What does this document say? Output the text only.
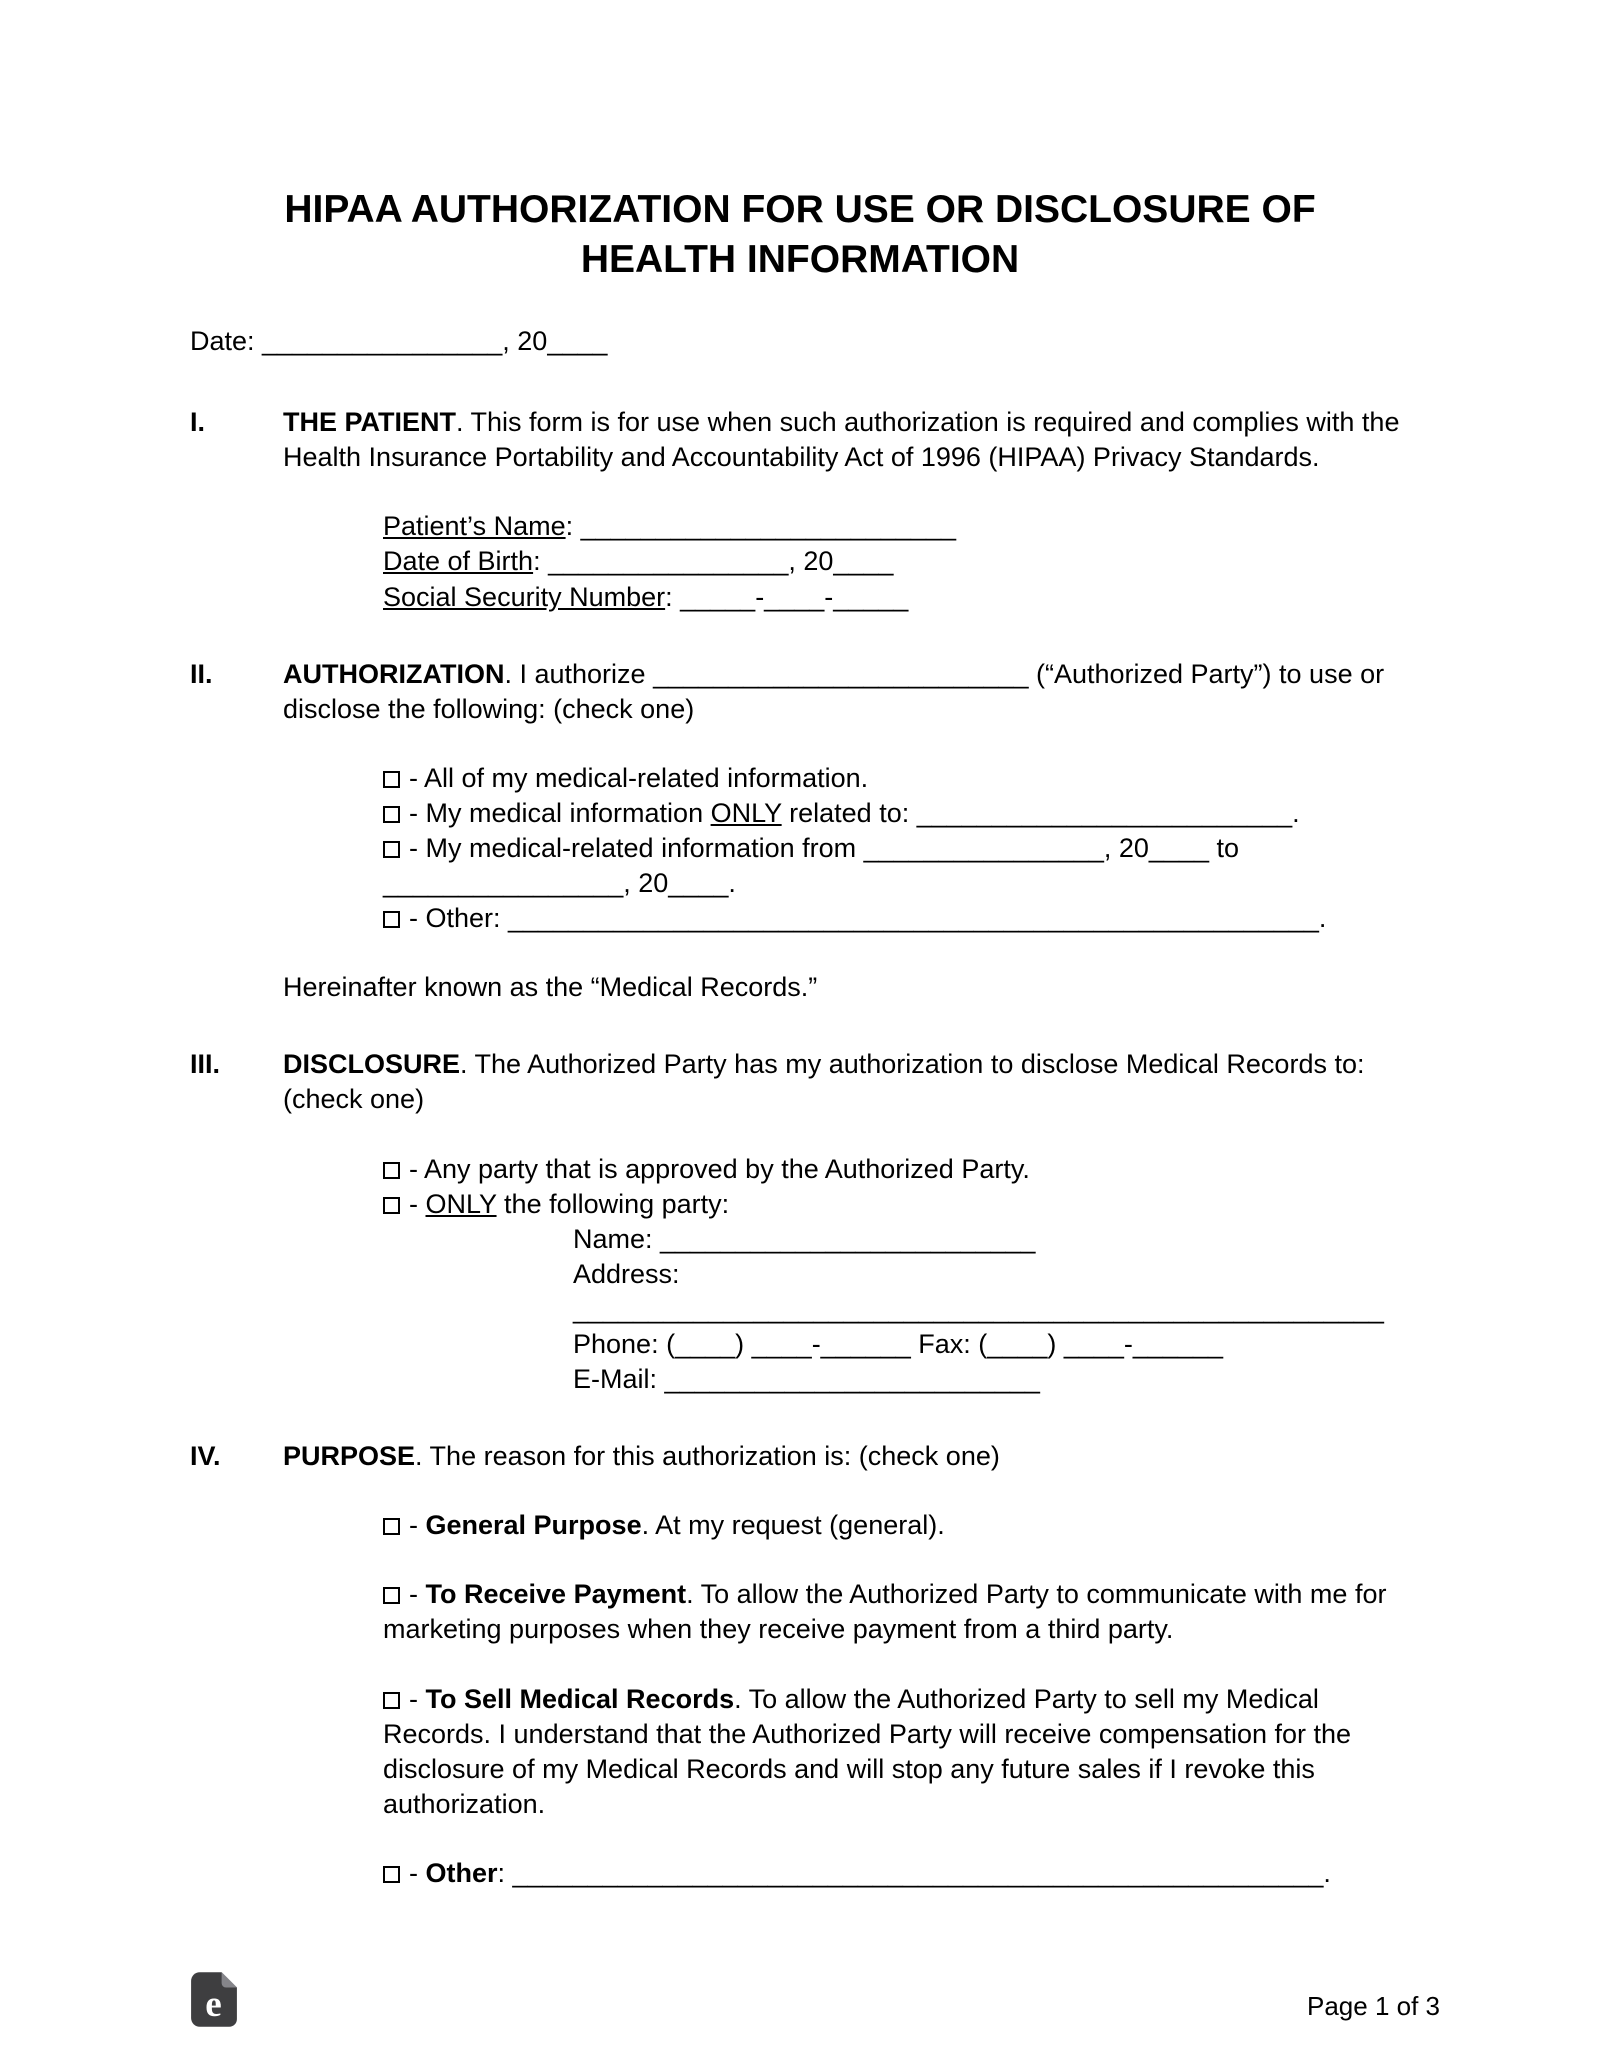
HIPAA AUTHORIZATION FOR USE OR DISCLOSURE OF
HEALTH INFORMATION

Date: ________________, 20____

I.	THE PATIENT. This form is for use when such authorization is required and complies with the Health Insurance Portability and Accountability Act of 1996 (HIPAA) Privacy Standards.

Patient’s Name: _________________________

Date of Birth: ________________, 20____

Social Security Number: _____-____-_____

II.	AUTHORIZATION. I authorize _________________________ (“Authorized Party”) to use or disclose the following: (check one)

- All of my medical-related information.

- My medical information ONLY related to: _________________________.

- My medical-related information from ________________, 20____ to ________________, 20____.

- Other: ______________________________________________________.

Hereinafter known as the “Medical Records.”

III.	DISCLOSURE. The Authorized Party has my authorization to disclose Medical Records to: (check one)

- Any party that is approved by the Authorized Party.

- ONLY the following party:

Name: _________________________

Address: ______________________________________________________

Phone: (____) ____-______ Fax: (____) ____-______

E-Mail: _________________________

IV.	PURPOSE. The reason for this authorization is: (check one)

- General Purpose. At my request (general).

- To Receive Payment. To allow the Authorized Party to communicate with me for marketing purposes when they receive payment from a third party.

- To Sell Medical Records. To allow the Authorized Party to sell my Medical Records. I understand that the Authorized Party will receive compensation for the disclosure of my Medical Records and will stop any future sales if I revoke this authorization.

- Other: ______________________________________________________.

e	Page 1 of 3
